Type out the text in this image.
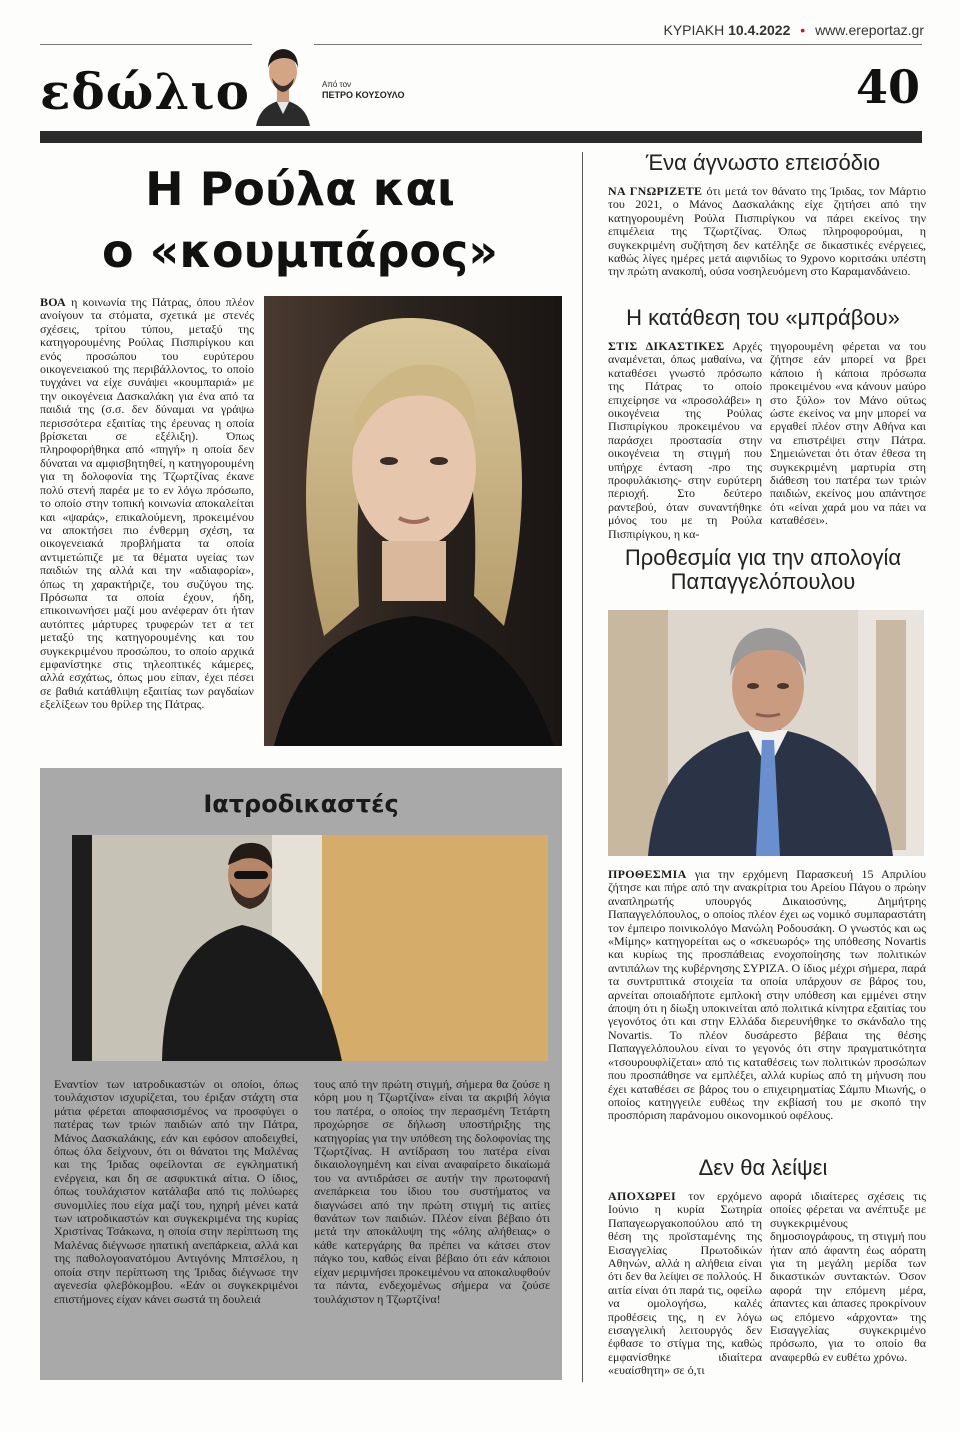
ΚΥΡΙΑΚΗ 10.4.2022 • www.ereportaz.gr
εδώλιο	Από τον
ΠΕΤΡΟ ΚΟΥΣΟΥΛΟ	40
Η Ρούλα και
ο «κουμπάρος»

ΒΟΑ η κοινωνία της Πάτρας, όπου πλέον ανοίγουν τα στόματα, σχετικά με στενές σχέσεις, τρίτου τύπου, μεταξύ της κατηγορουμένης Ρούλας Πισπιρίγκου και ενός προσώπου του ευρύτερου οικογενειακού της περιβάλλοντος, το οποίο τυγχάνει να είχε συνάψει «κουμπαριά» με την οικογένεια Δασκαλάκη για ένα από τα παιδιά της (σ.σ. δεν δύναμαι να γράψω περισσότερα εξαιτίας της έρευνας η οποία βρίσκεται σε εξέλιξη). Όπως πληροφορήθηκα από «πηγή» η οποία δεν δύναται να αμφισβητηθεί, η κατηγορουμένη για τη δολοφονία της Τζωρτζίνας έκανε πολύ στενή παρέα με το εν λόγω πρόσωπο, το οποίο στην τοπική κοινωνία αποκαλείται και «ψαράς», επικαλούμενη, προκειμένου να αποκτήσει πιο ένθερμη σχέση, τα οικογενειακά προβλήματα τα οποία αντιμετώπιζε με τα θέματα υγείας των παιδιών της αλλά και την «αδιαφορία», όπως τη χαρακτήριζε, του συζύγου της. Πρόσωπα τα οποία έχουν, ήδη, επικοινωνήσει μαζί μου ανέφεραν ότι ήταν αυτόπτες μάρτυρες τρυφερών τετ α τετ μεταξύ της κατηγορουμένης και του συγκεκριμένου προσώπου, το οποίο αρχικά εμφανίστηκε στις τηλεοπτικές κάμερες, αλλά εσχάτως, όπως μου είπαν, έχει πέσει σε βαθιά κατάθλιψη εξαιτίας των ραγδαίων εξελίξεων του θρίλερ της Πάτρας.

Ιατροδικαστές
Εναντίον των ιατροδικαστών οι οποίοι, όπως τουλάχιστον ισχυρίζεται, του έριξαν στάχτη στα μάτια φέρεται αποφασισμένος να προσφύγει ο πατέρας των τριών παιδιών από την Πάτρα, Μάνος Δασκαλάκης, εάν και εφόσον αποδειχθεί, όπως όλα δείχνουν, ότι οι θάνατοι της Μαλένας και της Ίριδας οφείλονται σε εγκληματική ενέργεια, και δη σε ασφυκτικά αίτια. Ο ίδιος, όπως τουλάχιστον κατάλαβα από τις πολύωρες συνομιλίες που είχα μαζί του, ηχηρή μένει κατά των ιατροδικαστών και συγκεκριμένα της κυρίας Χριστίνας Τσάκωνα, η οποία στην περίπτωση της Μαλένας διέγνωσε ηπατική ανεπάρκεια, αλλά και της παθολογοανατόμου Αντιγόνης Μπτσέλου, η οποία στην περίπτωση της Ίριδας διέγνωσε την αγενεσία φλεβόκομβου. «Εάν οι συγκεκριμένοι επιστήμονες είχαν κάνει σωστά τη δουλειά
τους από την πρώτη στιγμή, σήμερα θα ζούσε η κόρη μου η Τζωρτζίνα» είναι τα ακριβή λόγια του πατέρα, ο οποίος την περασμένη Τετάρτη προχώρησε σε δήλωση υποστήριξης της κατηγορίας για την υπόθεση της δολοφονίας της Τζωρτζίνας. Η αντίδραση του πατέρα είναι δικαιολογημένη και είναι αναφαίρετο δικαίωμά του να αντιδράσει σε αυτήν την πρωτοφανή ανεπάρκεια του ίδιου του συστήματος να διαγνώσει από την πρώτη στιγμή τις αιτίες θανάτων των παιδιών. Πλέον είναι βέβαιο ότι μετά την αποκάλυψη της «όλης αλήθειας» ο κάθε κατεργάρης θα πρέπει να κάτσει στον πάγκο του, καθώς είναι βέβαιο ότι εάν κάποιοι είχαν μεριμνήσει προκειμένου να αποκαλυφθούν τα πάντα, ενδεχομένως σήμερα να ζούσε τουλάχιστον η Τζωρτζίνα!
Ένα άγνωστο επεισόδιο

ΝΑ ΓΝΩΡΙΖΕΤΕ ότι μετά τον θάνατο της Ίριδας, τον Μάρτιο του 2021, ο Μάνος Δασκαλάκης είχε ζητήσει από την κατηγορουμένη Ρούλα Πισπιρίγκου να πάρει εκείνος την επιμέλεια της Τζωρτζίνας. Όπως πληροφορούμαι, η συγκεκριμένη συζήτηση δεν κατέληξε σε δικαστικές ενέργειες, καθώς λίγες ημέρες μετά αιφνιδίως το 9χρονο κοριτσάκι υπέστη την πρώτη ανακοπή, ούσα νοσηλευόμενη στο Καραμανδάνειο.

Η κατάθεση του «μπράβου»

ΣΤΙΣ ΔΙΚΑΣΤΙΚΕΣ Αρχές αναμένεται, όπως μαθαίνω, να καταθέσει γνωστό πρόσωπο της Πάτρας το οποίο επιχείρησε να «προσολάβει» η οικογένεια της Ρούλας Πισπιρίγκου προκειμένου να παράσχει προστασία στην οικογένεια τη στιγμή που υπήρχε ένταση -προ της προφυλάκισης- στην ευρύτερη περιοχή. Στο δεύτερο ραντεβού, όταν συναντήθηκε μόνος του με τη Ρούλα Πισπιρίγκου, η κα-

τηγορουμένη φέρεται να του ζήτησε εάν μπορεί να βρει κάποιο ή κάποια πρόσωπα προκειμένου «να κάνουν μαύρο στο ξύλο» τον Μάνο ούτως ώστε εκείνος να μην μπορεί να εργαθεί πλέον στην Αθήνα και να επιστρέψει στην Πάτρα. Σημειώνεται ότι όταν έθεσα τη συγκεκριμένη μαρτυρία στη διάθεση του πατέρα των τριών παιδιών, εκείνος μου απάντησε ότι «είναι χαρά μου να πάει να καταθέσει».
Προθεσμία για την απολογία
Παπαγγελόπουλου

ΠΡΟΘΕΣΜΙΑ για την ερχόμενη Παρασκευή 15 Απριλίου ζήτησε και πήρε από την ανακρίτρια του Αρείου Πάγου ο πρώην αναπληρωτής υπουργός Δικαιοσύνης, Δημήτρης Παπαγγελόπουλος, ο οποίος πλέον έχει ως νομικό συμπαραστάτη τον έμπειρο ποινικολόγο Μανώλη Ροδουσάκη. Ο γνωστός και ως «Μίμης» κατηγορείται ως ο «σκευωρός» της υπόθεσης Novartis και κυρίως της προσπάθειας ενοχοποίησης των πολιτικών αντιπάλων της κυβέρνησης ΣΥΡΙΖΑ. Ο ίδιος μέχρι σήμερα, παρά τα συντριπτικά στοιχεία τα οποία υπάρχουν σε βάρος του, αρνείται οποιαδήποτε εμπλοκή στην υπόθεση και εμμένει στην άποψη ότι η δίωξη υποκινείται από πολιτικά κίνητρα εξαιτίας του γεγονότος ότι και στην Ελλάδα διερευνήθηκε το σκάνδαλο της Novartis. Το πλέον δυσάρεστο βέβαια της θέσης Παπαγγελόπουλου είναι το γεγονός ότι στην πραγματικότητα «τσουρουφλίζεται» από τις καταθέσεις των πολιτικών προσώπων που προσπάθησε να εμπλέξει, αλλά κυρίως από τη μήνυση που έχει καταθέσει σε βάρος του ο επιχειρηματίας Σάμπυ Μιωνής, ο οποίος κατηγγειλε ευθέως την εκβίασή του με σκοπό την προσπόριση παράνομου οικονομικού οφέλους.

Δεν θα λείψει

ΑΠΟΧΩΡΕΙ τον ερχόμενο Ιούνιο η κυρία Σωτηρία Παπαγεωργακοπούλου από τη θέση της προϊσταμένης της Εισαγγελίας Πρωτοδικών Αθηνών, αλλά η αλήθεια είναι ότι δεν θα λείψει σε πολλούς. Η αιτία είναι ότι παρά τις, οφείλω να ομολογήσω, καλές προθέσεις της, η εν λόγω εισαγγελική λειτουργός δεν έφθασε το στίγμα της, καθώς εμφανίσθηκε ιδιαίτερα «ευαίσθητη» σε ό,τι

αφορά ιδιαίτερες σχέσεις τις οποίες φέρεται να ανέπτυξε με συγκεκριμένους δημοσιογράφους, τη στιγμή που ήταν από άφαντη έως αόρατη για τη μεγάλη μερίδα των δικαστικών συντακτών. Όσον αφορά την επόμενη μέρα, άπαντες και άπασες προκρίνουν ως επόμενο «άρχοντα» της Εισαγγελίας συγκεκριμένο πρόσωπο, για το οποίο θα αναφερθώ εν ευθέτω χρόνω.
